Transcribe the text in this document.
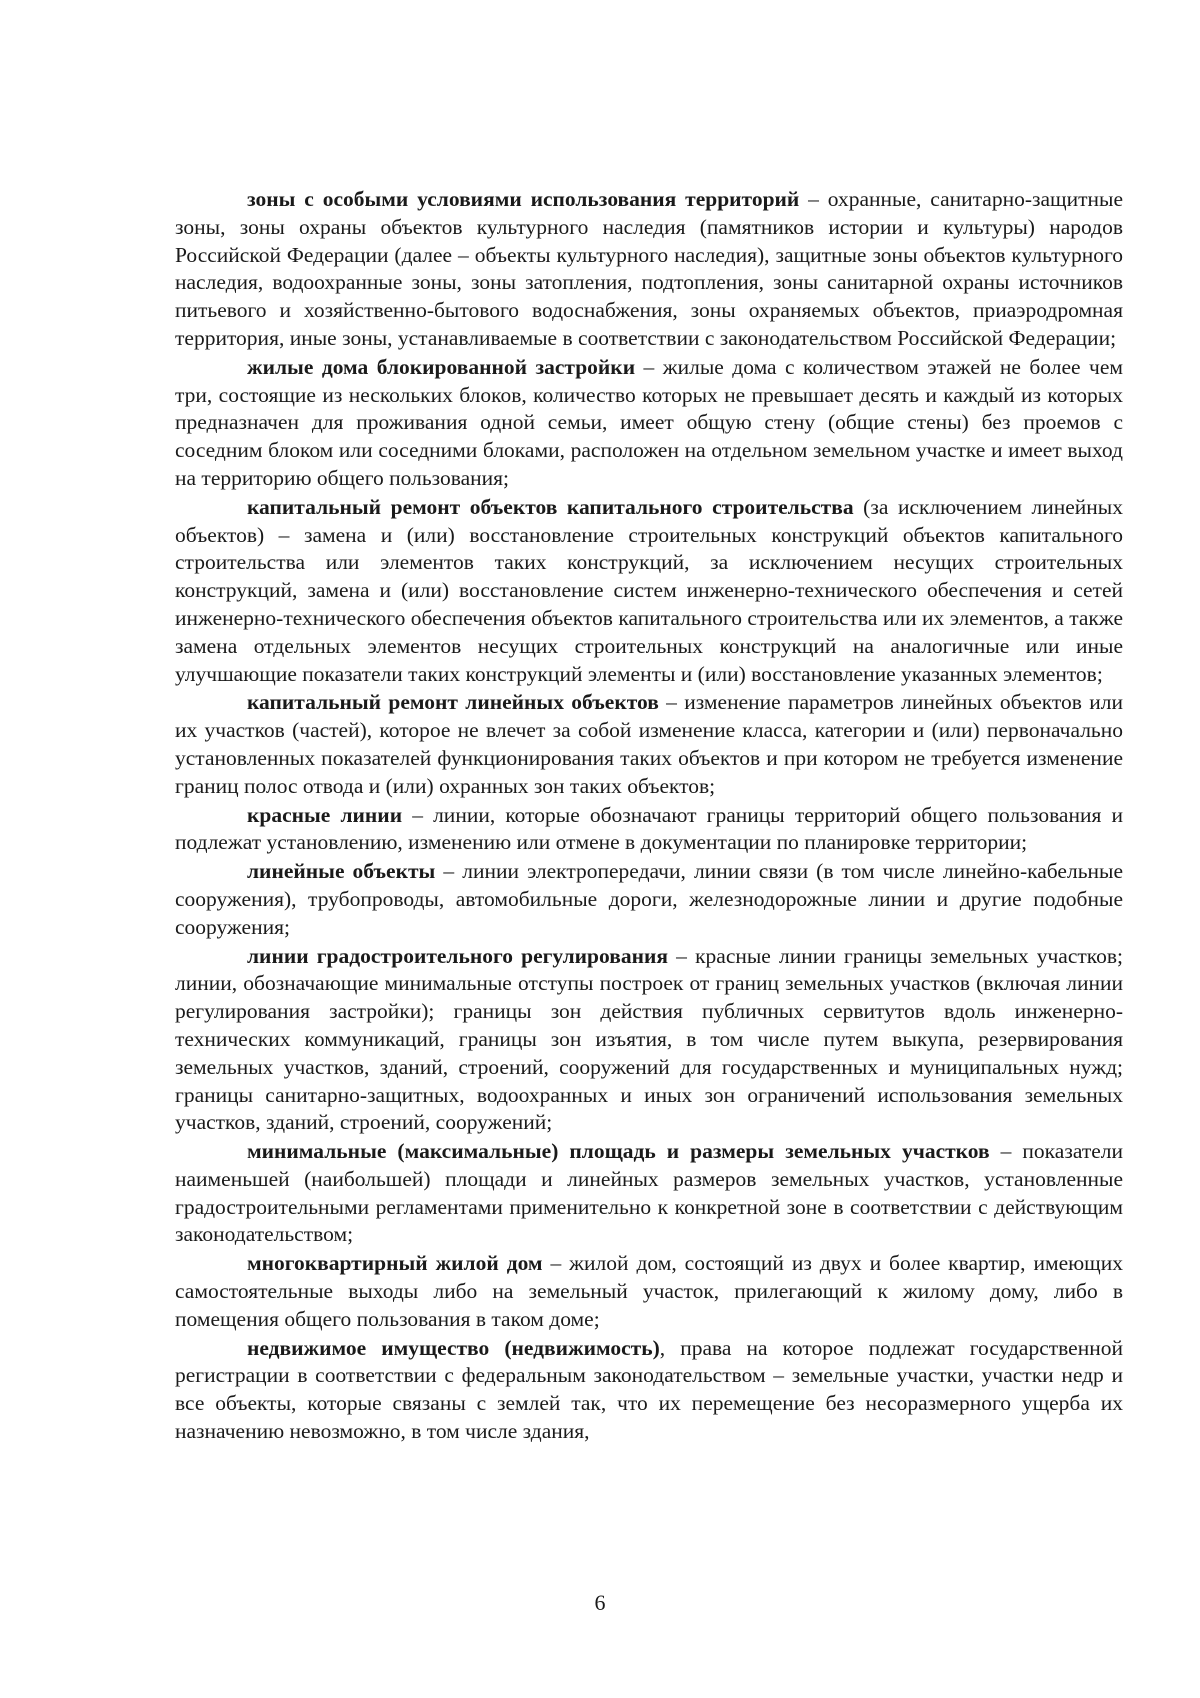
зоны с особыми условиями использования территорий – охранные, санитарно-защитные зоны, зоны охраны объектов культурного наследия (памятников истории и культуры) народов Российской Федерации (далее – объекты культурного наследия), защитные зоны объектов культурного наследия, водоохранные зоны, зоны затопления, подтопления, зоны санитарной охраны источников питьевого и хозяйственно-бытового водоснабжения, зоны охраняемых объектов, приаэродромная территория, иные зоны, устанавливаемые в соответствии с законодательством Российской Федерации;

жилые дома блокированной застройки – жилые дома с количеством этажей не более чем три, состоящие из нескольких блоков, количество которых не превышает десять и каждый из которых предназначен для проживания одной семьи, имеет общую стену (общие стены) без проемов с соседним блоком или соседними блоками, расположен на отдельном земельном участке и имеет выход на территорию общего пользования;

капитальный ремонт объектов капитального строительства (за исключением линейных объектов) – замена и (или) восстановление строительных конструкций объектов капитального строительства или элементов таких конструкций, за исключением несущих строительных конструкций, замена и (или) восстановление систем инженерно-технического обеспечения и сетей инженерно-технического обеспечения объектов капитального строительства или их элементов, а также замена отдельных элементов несущих строительных конструкций на аналогичные или иные улучшающие показатели таких конструкций элементы и (или) восстановление указанных элементов;

капитальный ремонт линейных объектов – изменение параметров линейных объектов или их участков (частей), которое не влечет за собой изменение класса, категории и (или) первоначально установленных показателей функционирования таких объектов и при котором не требуется изменение границ полос отвода и (или) охранных зон таких объектов;

красные линии – линии, которые обозначают границы территорий общего пользования и подлежат установлению, изменению или отмене в документации по планировке территории;

линейные объекты – линии электропередачи, линии связи (в том числе линейно-кабельные сооружения), трубопроводы, автомобильные дороги, железнодорожные линии и другие подобные сооружения;

линии градостроительного регулирования – красные линии границы земельных участков; линии, обозначающие минимальные отступы построек от границ земельных участков (включая линии регулирования застройки); границы зон действия публичных сервитутов вдоль инженерно-технических коммуникаций, границы зон изъятия, в том числе путем выкупа, резервирования земельных участков, зданий, строений, сооружений для государственных и муниципальных нужд; границы санитарно-защитных, водоохранных и иных зон ограничений использования земельных участков, зданий, строений, сооружений;

минимальные (максимальные) площадь и размеры земельных участков – показатели наименьшей (наибольшей) площади и линейных размеров земельных участков, установленные градостроительными регламентами применительно к конкретной зоне в соответствии с действующим законодательством;

многоквартирный жилой дом – жилой дом, состоящий из двух и более квартир, имеющих самостоятельные выходы либо на земельный участок, прилегающий к жилому дому, либо в помещения общего пользования в таком доме;

недвижимое имущество (недвижимость), права на которое подлежат государственной регистрации в соответствии с федеральным законодательством – земельные участки, участки недр и все объекты, которые связаны с землей так, что их перемещение без несоразмерного ущерба их назначению невозможно, в том числе здания,

6
